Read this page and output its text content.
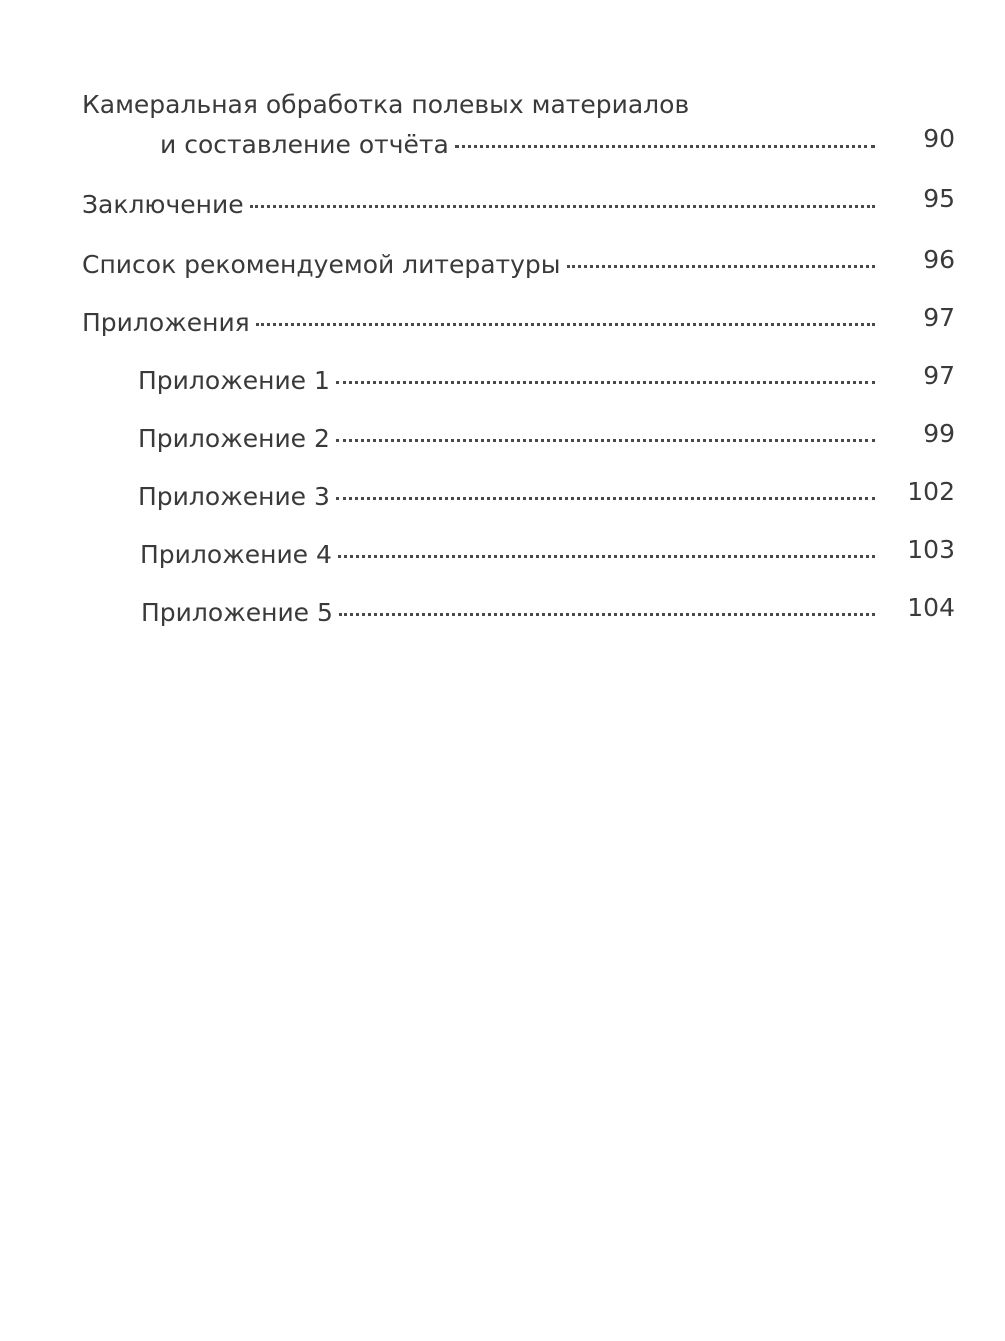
Камеральная обработка полевых материалов
и составление отчёта	90
Заключение	95
Список рекомендуемой литературы	96
Приложения	97
Приложение 1	97
Приложение 2	99
Приложение 3	102
Приложение 4	103
Приложение 5	104
